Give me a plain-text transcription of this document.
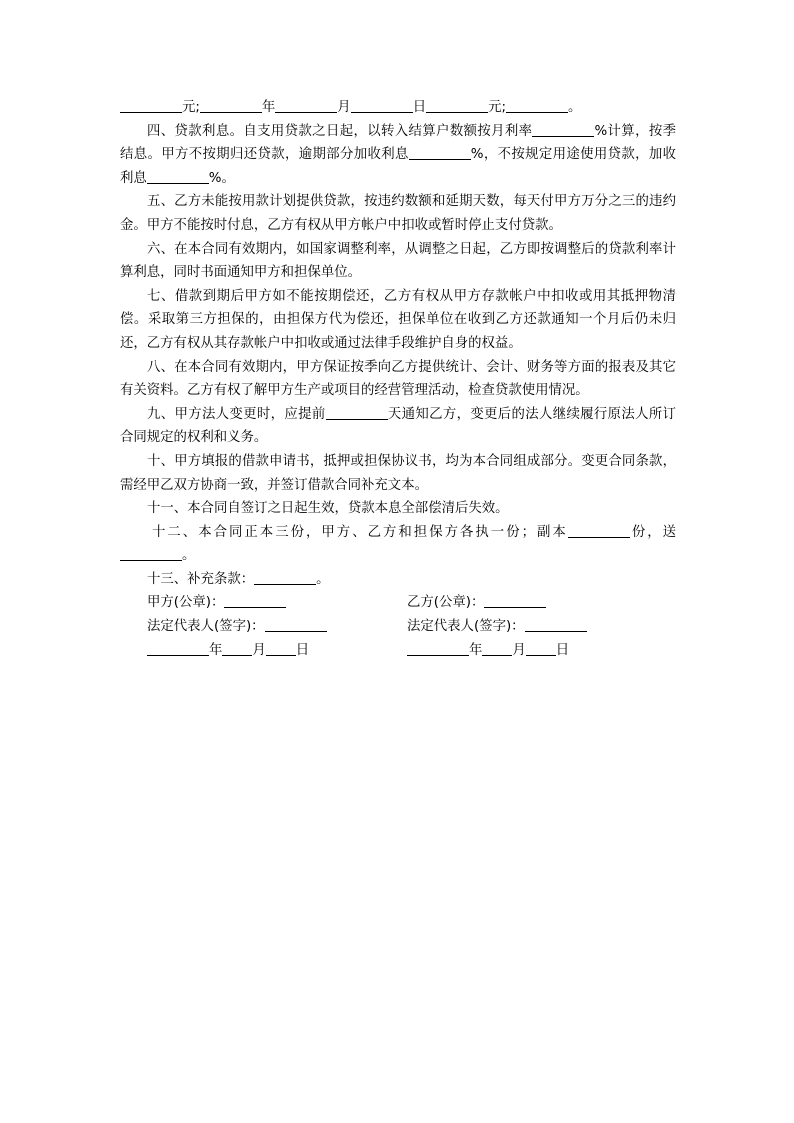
元;	年	月	日	元;	。

四、贷款利息。自支用贷款之日起，以转入结算户数额按月利率	%计算，按季结息。甲方不按期归还贷款，逾期部分加收利息	%，不按规定用途使用贷款，加收利息	%。

五、乙方未能按用款计划提供贷款，按违约数额和延期天数，每天付甲方万分之三的违约金。甲方不能按时付息，乙方有权从甲方帐户中扣收或暂时停止支付贷款。

六、在本合同有效期内，如国家调整利率，从调整之日起，乙方即按调整后的贷款利率计算利息，同时书面通知甲方和担保单位。

七、借款到期后甲方如不能按期偿还，乙方有权从甲方存款帐户中扣收或用其抵押物清偿。采取第三方担保的，由担保方代为偿还，担保单位在收到乙方还款通知一个月后仍未归还，乙方有权从其存款帐户中扣收或通过法律手段维护自身的权益。

八、在本合同有效期内，甲方保证按季向乙方提供统计、会计、财务等方面的报表及其它有关资料。乙方有权了解甲方生产或项目的经营管理活动，检查贷款使用情况。

九、甲方法人变更时，应提前	天通知乙方，变更后的法人继续履行原法人所订合同规定的权利和义务。

十、甲方填报的借款申请书，抵押或担保协议书，均为本合同组成部分。变更合同条款，需经甲乙双方协商一致，并签订借款合同补充文本。

十一、本合同自签订之日起生效，贷款本息全部偿清后失效。

十二、本合同正本三份，甲方、乙方和担保方各执一份；副本	份，送。

十三、补充条款：	。

甲方(公章)：	乙方(公章)：
法定代表人(签字)：	法定代表人(签字)：
年 月 日	年 月 日
